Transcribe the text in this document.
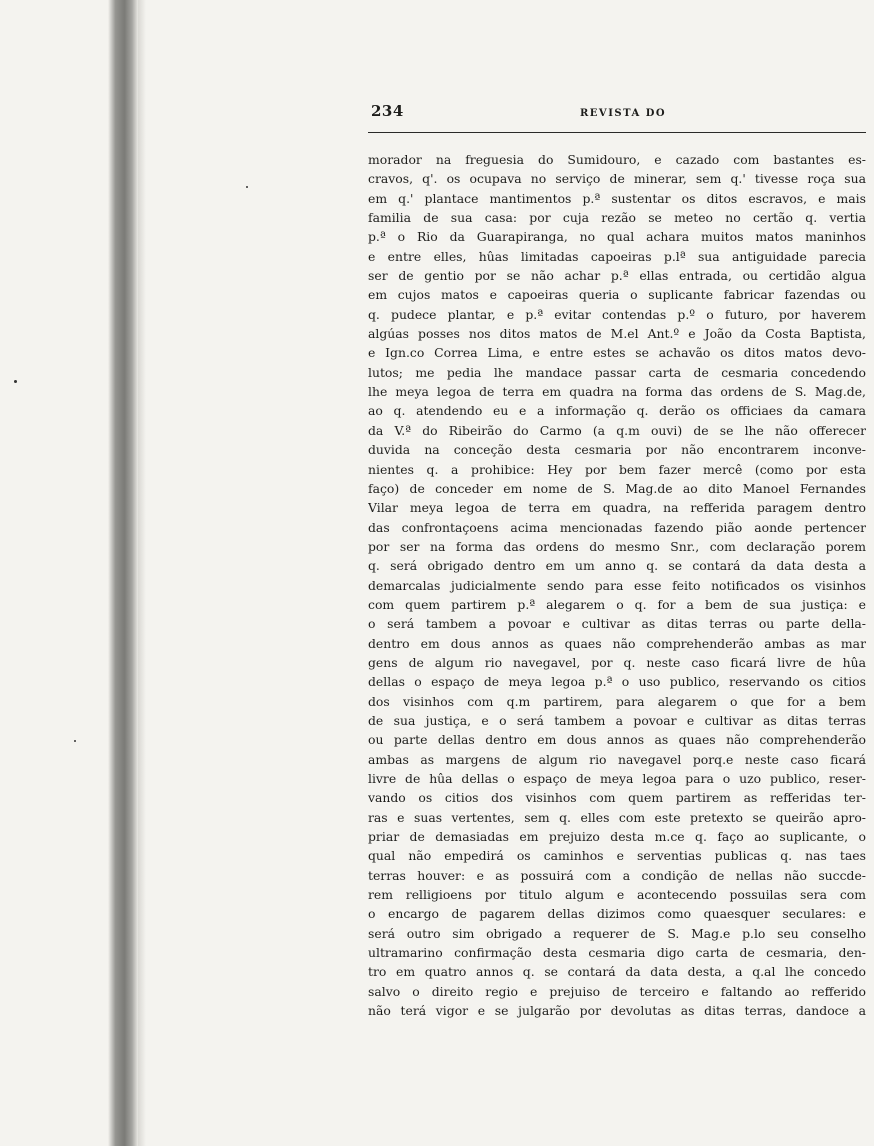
234	REVISTA DO
morador na freguesia do Sumidouro, e cazado com bastantes es-
cravos, q'. os ocupava no serviço de minerar, sem q.' tivesse roça sua
em q.' plantace mantimentos p.ª sustentar os ditos escravos, e mais
familia de sua casa: por cuja rezão se meteo no certão q. vertia
p.ª o Rio da Guarapiranga, no qual achara muitos matos maninhos
e entre elles, hûas limitadas capoeiras p.lª sua antiguidade parecia
ser de gentio por se não achar p.ª ellas entrada, ou certidão algua
em cujos matos e capoeiras queria o suplicante fabricar fazendas ou
q. pudece plantar, e p.ª evitar contendas p.º o futuro, por haverem
algúas posses nos ditos matos de M.el Ant.º e João da Costa Baptista,
e Ign.co Correa Lima, e entre estes se achavão os ditos matos devo-
lutos; me pedia lhe mandace passar carta de cesmaria concedendo
lhe meya legoa de terra em quadra na forma das ordens de S. Mag.de,
ao q. atendendo eu e a informação q. derão os officiaes da camara
da V.ª do Ribeirão do Carmo (a q.m ouvi) de se lhe não offerecer
duvida na conceção desta cesmaria por não encontrarem inconve-
nientes q. a prohibice: Hey por bem fazer mercê (como por esta
faço) de conceder em nome de S. Mag.de ao dito Manoel Fernandes
Vilar meya legoa de terra em quadra, na refferida paragem dentro
das confrontaçoens acima mencionadas fazendo pião aonde pertencer
por ser na forma das ordens do mesmo Snr., com declaração porem
q. será obrigado dentro em um anno q. se contará da data desta a
demarcalas judicialmente sendo para esse feito notificados os visinhos
com quem partirem p.ª alegarem o q. for a bem de sua justiça: e
o será tambem a povoar e cultivar as ditas terras ou parte della-
dentro em dous annos as quaes não comprehenderão ambas as mar
gens de algum rio navegavel, por q. neste caso ficará livre de hûa
dellas o espaço de meya legoa p.ª o uso publico, reservando os citios
dos visinhos com q.m partirem, para alegarem o que for a bem
de sua justiça, e o será tambem a povoar e cultivar as ditas terras
ou parte dellas dentro em dous annos as quaes não comprehenderão
ambas as margens de algum rio navegavel porq.e neste caso ficará
livre de hûa dellas o espaço de meya legoa para o uzo publico, reser-
vando os citios dos visinhos com quem partirem as refferidas ter-
ras e suas vertentes, sem q. elles com este pretexto se queirão apro-
priar de demasiadas em prejuizo desta m.ce q. faço ao suplicante, o
qual não empedirá os caminhos e serventias publicas q. nas taes
terras houver: e as possuirá com a condição de nellas não succde-
rem relligioens por titulo algum e acontecendo possuilas sera com
o encargo de pagarem dellas dizimos como quaesquer seculares: e
será outro sim obrigado a requerer de S. Mag.e p.lo seu conselho
ultramarino confirmação desta cesmaria digo carta de cesmaria, den-
tro em quatro annos q. se contará da data desta, a q.al lhe concedo
salvo o direito regio e prejuiso de terceiro e faltando ao refferido
não terá vigor e se julgarão por devolutas as ditas terras, dandoce a
